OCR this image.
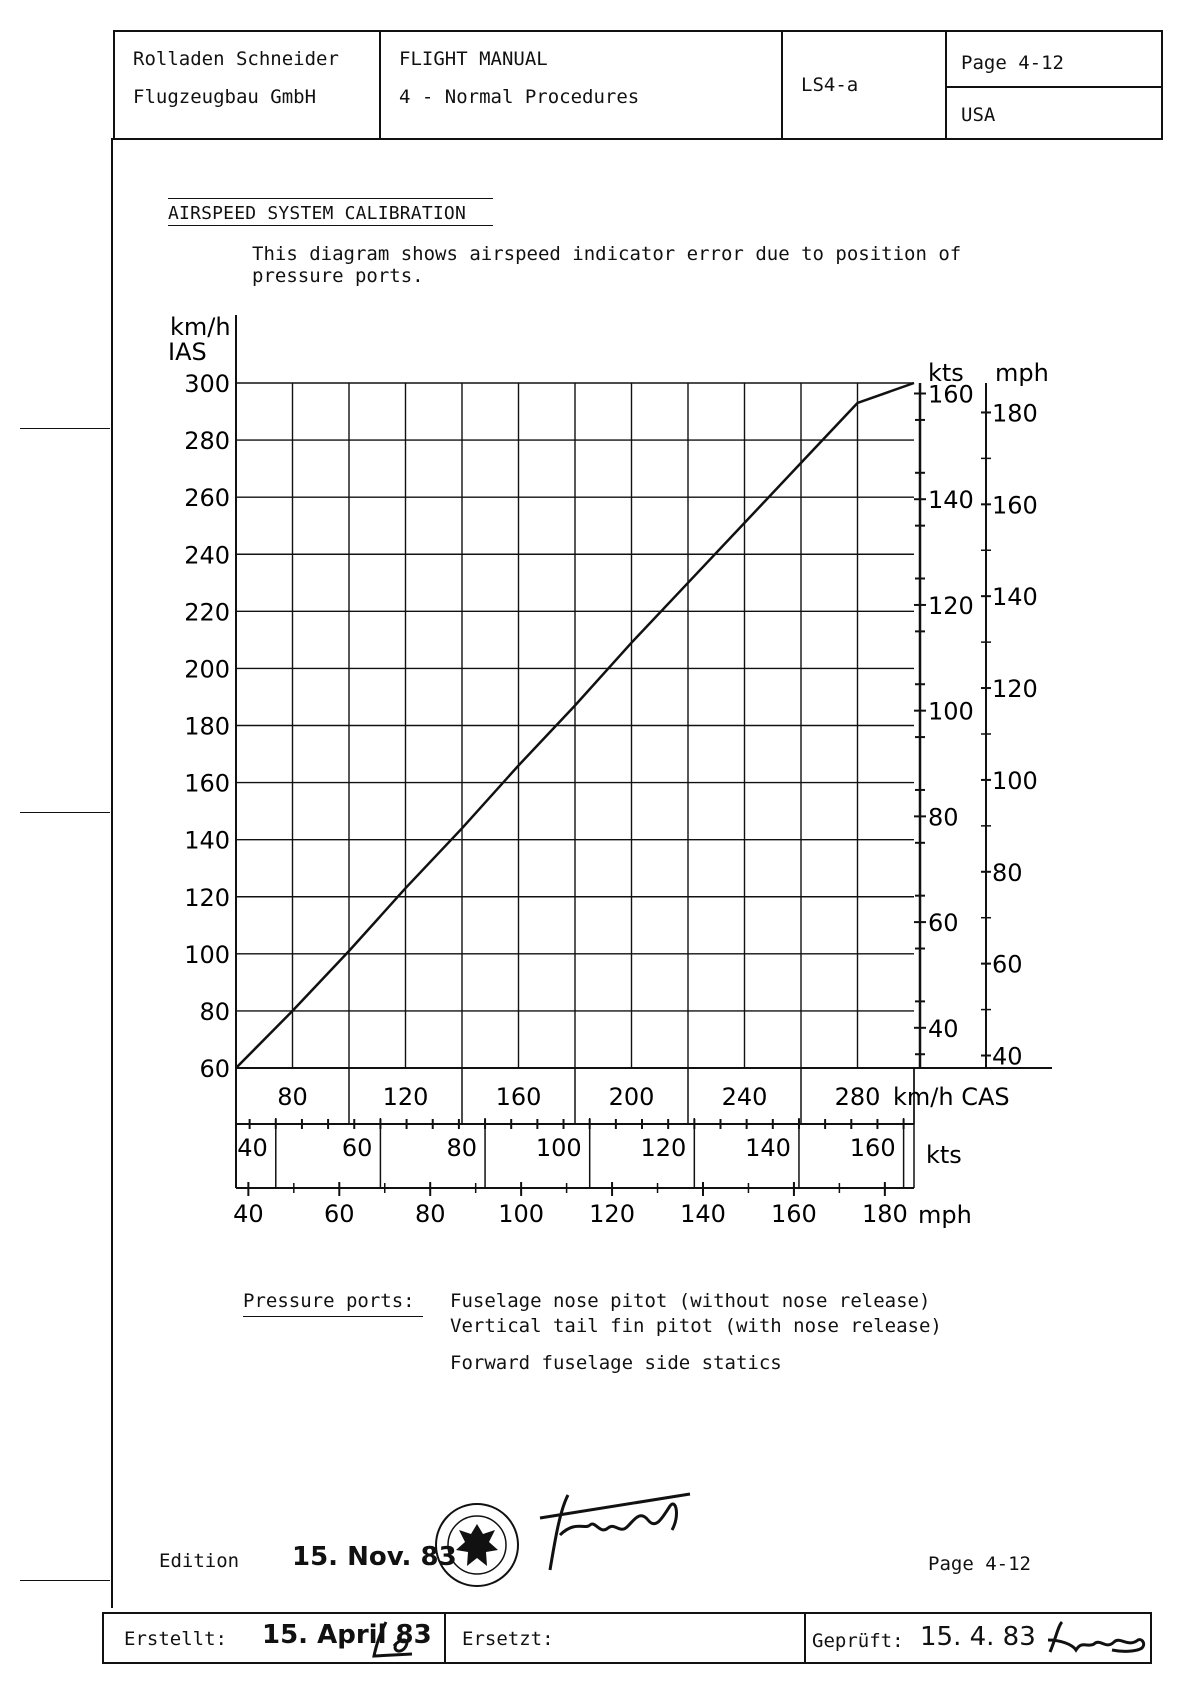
Rolladen Schneider
Flugzeugbau GmbH
FLIGHT MANUAL
4 - Normal Procedures
LS4-a
Page 4-12
USA
AIRSPEED SYSTEM CALIBRATION
This diagram shows airspeed indicator error due to position of pressure ports.
60
80
100
120
140
160
180
200
220
240
260
280
300
80	120	160	200	240	280
40	60	80 100 120 140 160
40	60	80 100 120 140 160 180
40
60
80
100
120
140
160
40
60
80
100
120
140
160
180
km/h
IAS
kts mph
km/h CAS
kts
mph
Pressure ports: Fuselage nose pitot (without nose release)
Vertical tail fin pitot (with nose release)
Forward fuselage side statics
Edition 15. Nov. 83	Page 4-12
Erstellt: 15. April 83 Ersetzt:	Geprüft: 15. 4. 83
